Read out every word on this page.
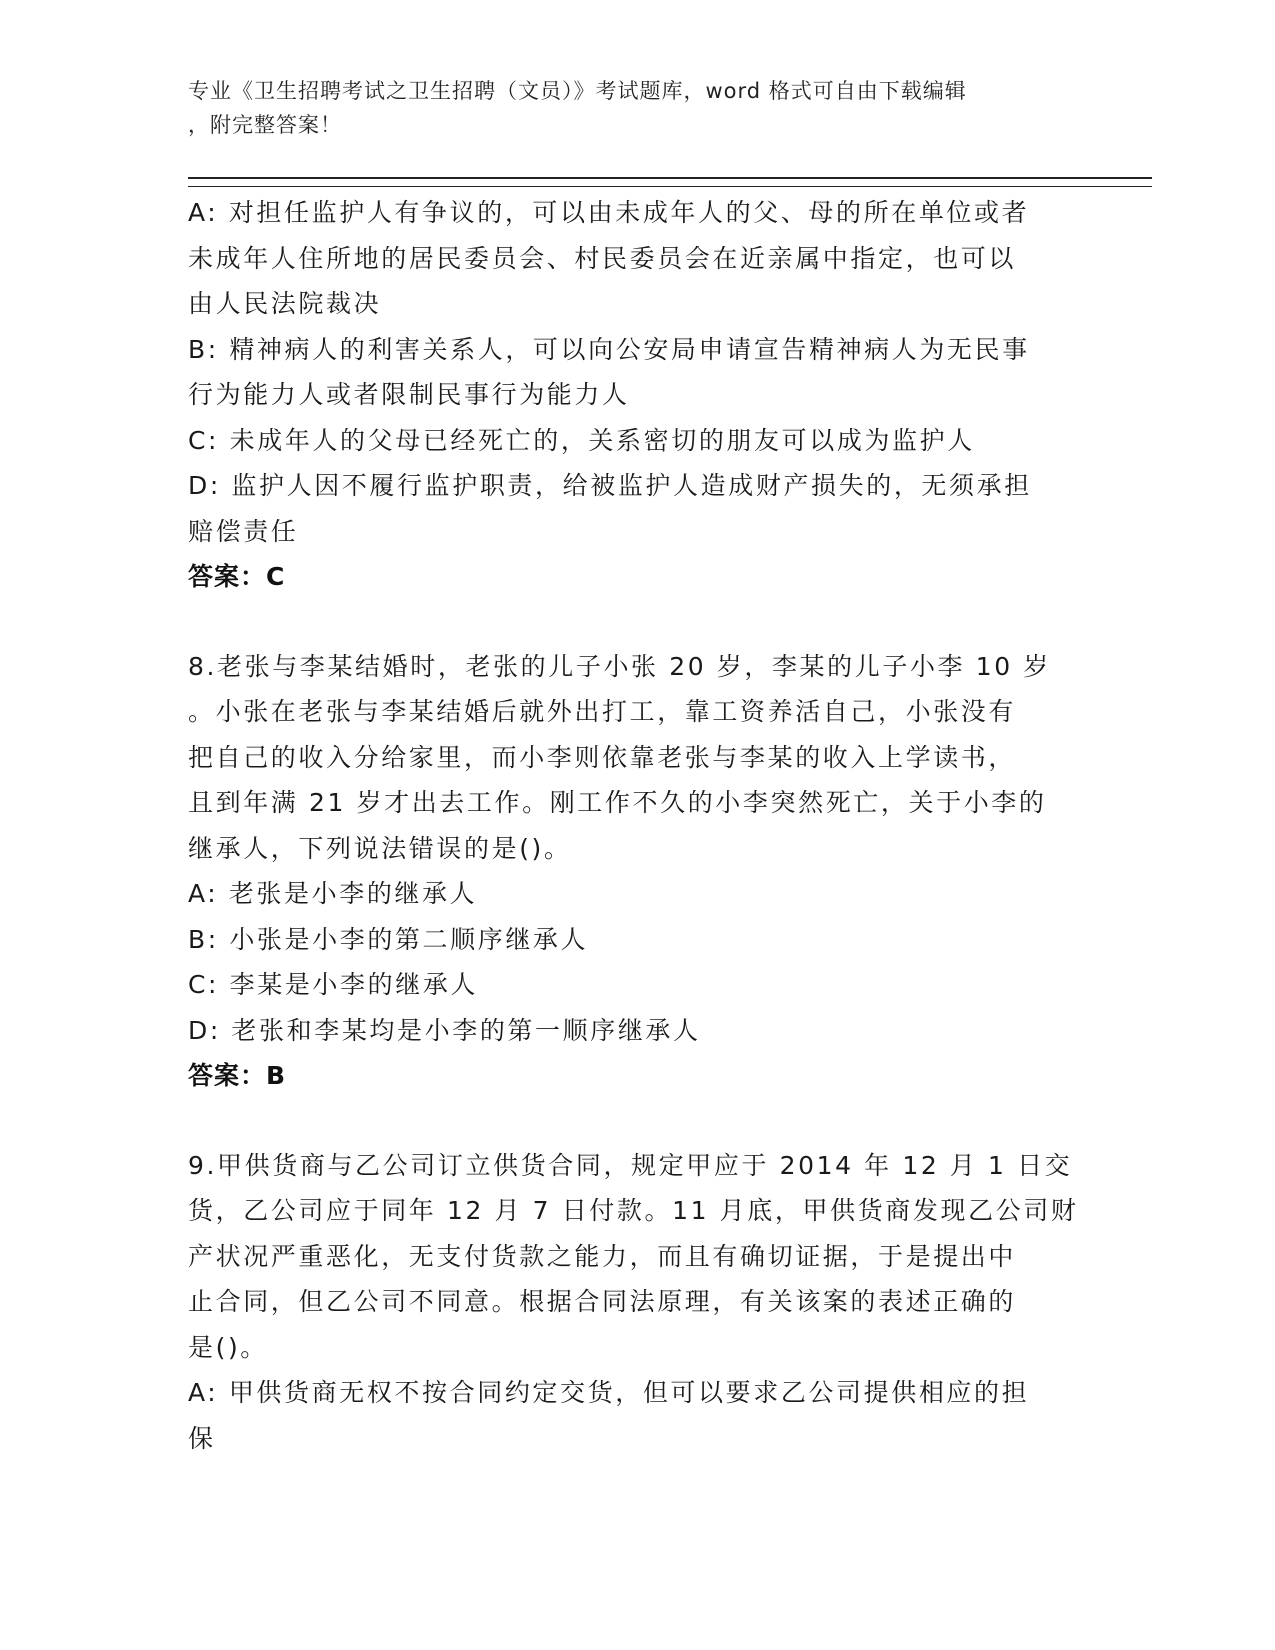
专业《卫生招聘考试之卫生招聘（文员）》考试题库，word 格式可自由下载编辑
，附完整答案！
A: 对担任监护人有争议的，可以由未成年人的父、母的所在单位或者
未成年人住所地的居民委员会、村民委员会在近亲属中指定，也可以
由人民法院裁决
B: 精神病人的利害关系人，可以向公安局申请宣告精神病人为无民事
行为能力人或者限制民事行为能力人
C: 未成年人的父母已经死亡的，关系密切的朋友可以成为监护人
D: 监护人因不履行监护职责，给被监护人造成财产损失的，无须承担
赔偿责任
答案：C
8.老张与李某结婚时，老张的儿子小张 20 岁，李某的儿子小李 10 岁
。小张在老张与李某结婚后就外出打工，靠工资养活自己，小张没有
把自己的收入分给家里，而小李则依靠老张与李某的收入上学读书，
且到年满 21 岁才出去工作。刚工作不久的小李突然死亡，关于小李的
继承人，下列说法错误的是()。
A: 老张是小李的继承人
B: 小张是小李的第二顺序继承人
C: 李某是小李的继承人
D: 老张和李某均是小李的第一顺序继承人
答案：B
9.甲供货商与乙公司订立供货合同，规定甲应于 2014 年 12 月 1 日交
货，乙公司应于同年 12 月 7 日付款。11 月底，甲供货商发现乙公司财
产状况严重恶化，无支付货款之能力，而且有确切证据，于是提出中
止合同，但乙公司不同意。根据合同法原理，有关该案的表述正确的
是()。
A: 甲供货商无权不按合同约定交货，但可以要求乙公司提供相应的担
保
